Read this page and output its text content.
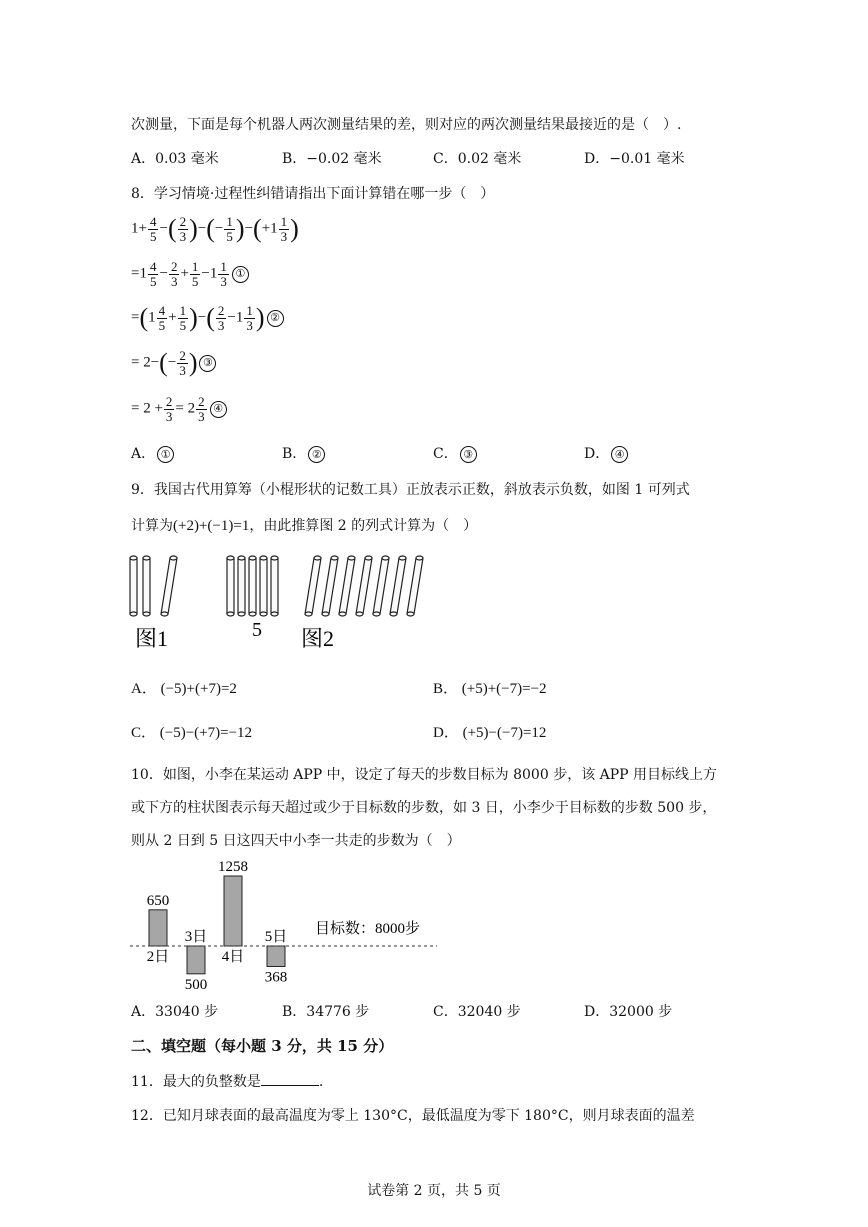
次测量，下面是每个机器人两次测量结果的差，则对应的两次测量结果最接近的是（　）.
A．0.03 毫米	B．−0.02 毫米	C．0.02 毫米	D．−0.01 毫米
8．学习情境·过程性纠错请指出下面计算错在哪一步（　）
$1+ \frac{4}{5}$ −( $\frac{2}{3}$ )−(− $\frac{1}{5} )-(+1 \frac{1}{3}$ )
$=1 \frac{4}{5} - \frac{2}{3} + \frac{1}{5} -1 \frac{1}{3}$ ①
$=(1 \frac{4}{5} + \frac{1}{5}$ )−( $\frac{2}{3} -1 \frac{1}{3}$ ) ②
= $2-(- \frac{2}{3}$ ) ③
= $2 + \frac{2}{3} = 2 \frac{2}{3}$ ④
A． ①	B． ②	C． ③	D． ④
9．我国古代用算筹（小棍形状的记数工具）正放表示正数，斜放表示负数，如图 1 可列式
计算为(+2)+(−1)=1，由此推算图 2 的列式计算为（　）
图1	5 图2
A． (−5)+(+7)=2	B． (+5)+(−7)=−2
C． (−5)−(+7)=−12	D． (+5)−(−7)=12
10．如图，小李在某运动 APP 中，设定了每天的步数目标为 8000 步，该 APP 用目标线上方
或下方的柱状图表示每天超过或少于目标数的步数，如 3 日，小李少于目标数的步数 500 步，
则从 2 日到 5 日这四天中小李一共走的步数为（　）
650
2日
500
3日
1258
4日
368
5日 目标数：8000步
A．33040 步	B．34776 步	C．32040 步	D．32000 步
二、填空题（每小题 3 分，共 15 分）
11．最大的负整数是	.
12．已知月球表面的最高温度为零上 130°C，最低温度为零下 180°C，则月球表面的温差
试卷第 2 页，共 5 页
